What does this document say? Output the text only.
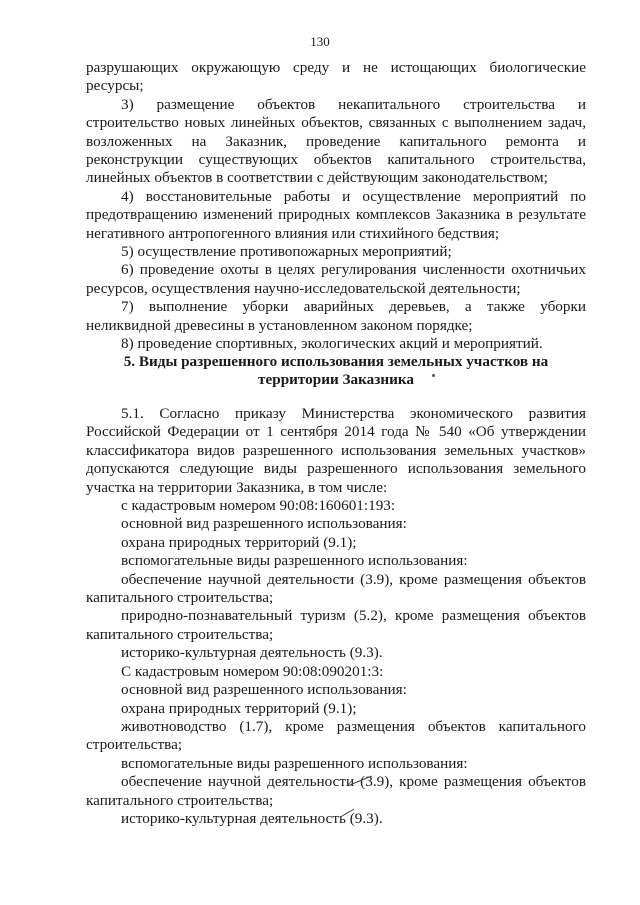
130

разрушающих окружающую среду и не истощающих биологические ресурсы;

3) размещение объектов некапитального строительства и строительство новых линейных объектов, связанных с выполнением задач, возложенных на Заказник, проведение капитального ремонта и реконструкции существующих объектов капитального строительства, линейных объектов в соответствии с действующим законодательством;

4) восстановительные работы и осуществление мероприятий по предотвращению изменений природных комплексов Заказника в результате негативного антропогенного влияния или стихийного бедствия;

5) осуществление противопожарных мероприятий;

6) проведение охоты в целях регулирования численности охотничьих ресурсов, осуществления научно-исследовательской деятельности;

7) выполнение уборки аварийных деревьев, а также уборки неликвидной древесины в установленном законом порядке;

8) проведение спортивных, экологических акций и мероприятий.

5. Виды разрешенного использования земельных участков на
территории Заказника

5.1. Согласно приказу Министерства экономического развития Российской Федерации от 1 сентября 2014 года № 540 «Об утверждении классификатора видов разрешенного использования земельных участков» допускаются следующие виды разрешенного использования земельного участка на территории Заказника, в том числе:

с кадастровым номером 90:08:160601:193:

основной вид разрешенного использования:

охрана природных территорий (9.1);

вспомогательные виды разрешенного использования:

обеспечение научной деятельности (3.9), кроме размещения объектов капитального строительства;

природно-познавательный туризм (5.2), кроме размещения объектов капитального строительства;

историко-культурная деятельность (9.3).

С кадастровым номером 90:08:090201:3:

основной вид разрешенного использования:

охрана природных территорий (9.1);

животноводство (1.7), кроме размещения объектов капитального строительства;

вспомогательные виды разрешенного использования:

обеспечение научной деятельности (3.9), кроме размещения объектов капитального строительства;

историко-культурная деятельность (9.3).
